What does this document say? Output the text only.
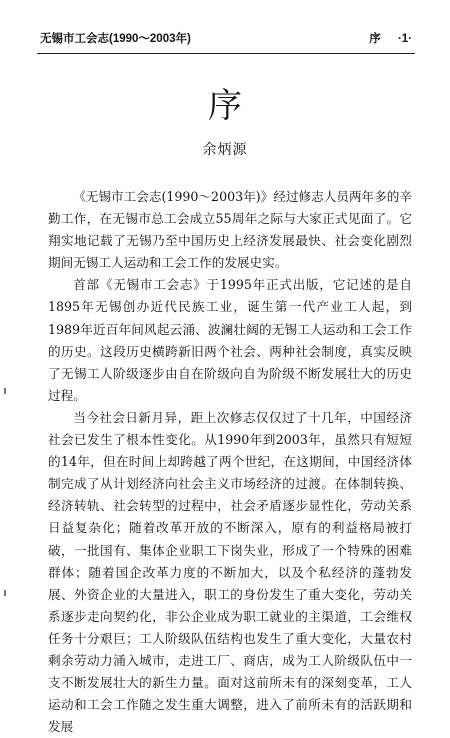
无锡市工会志(1990～2003年)	序 ·1·
序
余炳源

《无锡市工会志(1990～2003年)》经过修志人员两年多的辛勤工作，在无锡市总工会成立55周年之际与大家正式见面了。它翔实地记载了无锡乃至中国历史上经济发展最快、社会变化剧烈期间无锡工人运动和工会工作的发展史实。

首部《无锡市工会志》于1995年正式出版，它记述的是自1895年无锡创办近代民族工业，诞生第一代产业工人起，到1989年近百年间风起云涌、波澜壮阔的无锡工人运动和工会工作的历史。这段历史横跨新旧两个社会、两种社会制度，真实反映了无锡工人阶级逐步由自在阶级向自为阶级不断发展壮大的历史过程。

当今社会日新月异，距上次修志仅仅过了十几年，中国经济社会已发生了根本性变化。从1990年到2003年，虽然只有短短的14年，但在时间上却跨越了两个世纪，在这期间，中国经济体制完成了从计划经济向社会主义市场经济的过渡。在体制转换、经济转轨、社会转型的过程中，社会矛盾逐步显性化，劳动关系日益复杂化；随着改革开放的不断深入，原有的利益格局被打破，一批国有、集体企业职工下岗失业，形成了一个特殊的困难群体；随着国企改革力度的不断加大，以及个私经济的蓬勃发展、外资企业的大量进入，职工的身份发生了重大变化，劳动关系逐步走向契约化，非公企业成为职工就业的主渠道，工会维权任务十分艰巨；工人阶级队伍结构也发生了重大变化，大量农村剩余劳动力涌入城市，走进工厂、商店，成为工人阶级队伍中一支不断发展壮大的新生力量。面对这前所未有的深刻变革，工人运动和工会工作随之发生重大调整，进入了前所未有的活跃期和发展
